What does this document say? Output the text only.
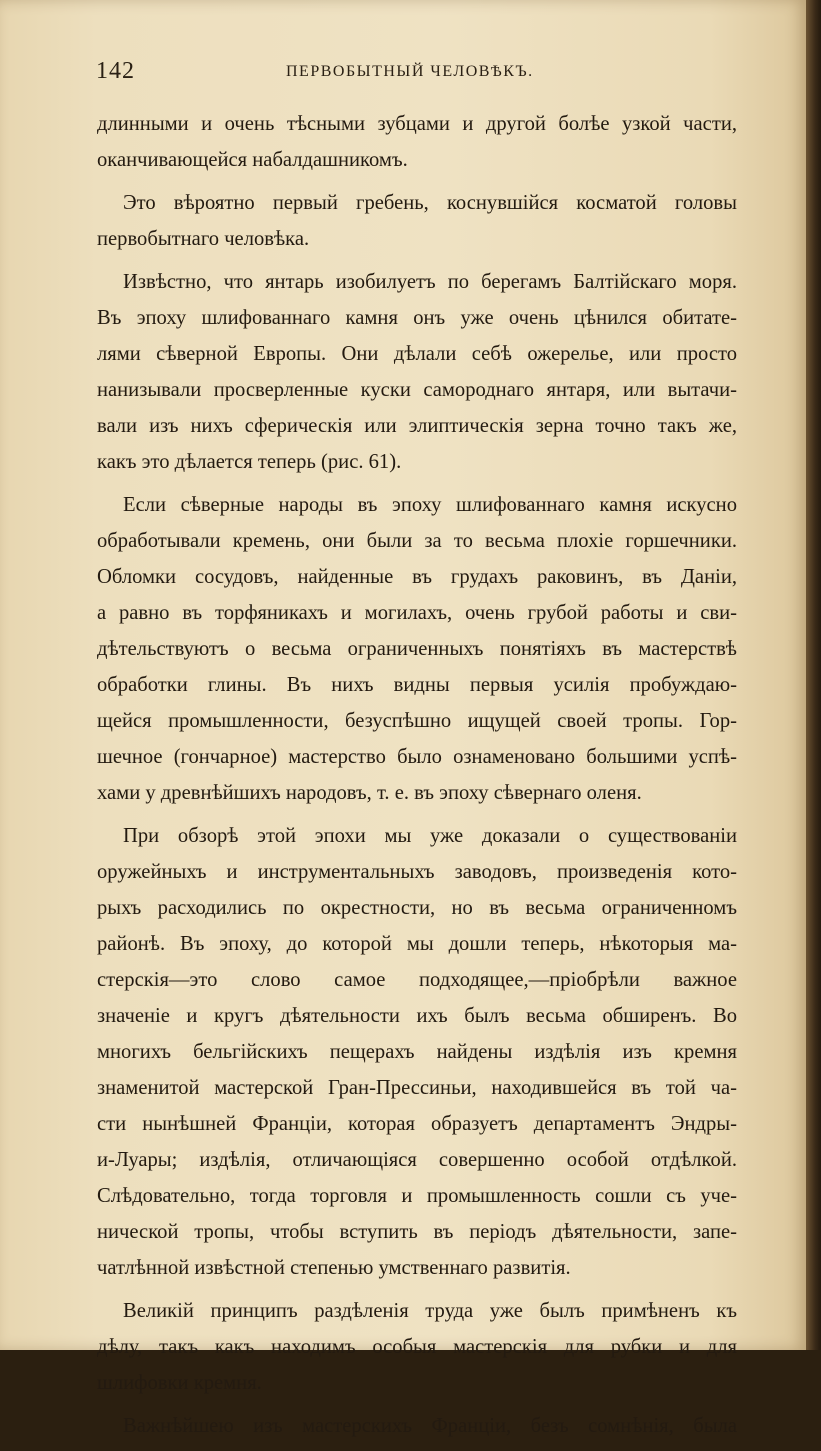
142	ПЕРВОБЫТНЫЙ ЧЕЛОВѢКЪ.
длинными и очень тѣсными зубцами и другой болѣе узкой части,
оканчивающейся набалдашникомъ.
Это вѣроятно первый гребень, коснувшійся косматой головы
первобытнаго человѣка.
Извѣстно, что янтарь изобилуетъ по берегамъ Балтійскаго моря.
Въ эпоху шлифованнаго камня онъ уже очень цѣнился обитате-
лями сѣверной Европы. Они дѣлали себѣ ожерелье, или просто
нанизывали просверленные куски самороднаго янтаря, или вытачи-
вали изъ нихъ сферическія или элиптическія зерна точно такъ же,
какъ это дѣлается теперь (рис. 61).
Если сѣверные народы въ эпоху шлифованнаго камня искусно
обработывали кремень, они были за то весьма плохіе горшечники.
Обломки сосудовъ, найденные въ грудахъ раковинъ, въ Даніи,
а равно въ торфяникахъ и могилахъ, очень грубой работы и сви-
дѣтельствуютъ о весьма ограниченныхъ понятіяхъ въ мастерствѣ
обработки глины. Въ нихъ видны первыя усилія пробуждаю-
щейся промышленности, безуспѣшно ищущей своей тропы. Гор-
шечное (гончарное) мастерство было ознаменовано большими успѣ-
хами у древнѣйшихъ народовъ, т. е. въ эпоху сѣвернаго оленя.
При обзорѣ этой эпохи мы уже доказали о существованіи
оружейныхъ и инструментальныхъ заводовъ, произведенія кото-
рыхъ расходились по окрестности, но въ весьма ограниченномъ
районѣ. Въ эпоху, до которой мы дошли теперь, нѣкоторыя ма-
стерскія—это слово самое подходящее,—пріобрѣли важное
значеніе и кругъ дѣятельности ихъ былъ весьма обширенъ. Во
многихъ бельгійскихъ пещерахъ найдены издѣлія изъ кремня
знаменитой мастерской Гран-Прессиньи, находившейся въ той ча-
сти нынѣшней Франціи, которая образуетъ департаментъ Эндры-
и-Луары; издѣлія, отличающіяся совершенно особой отдѣлкой.
Слѣдовательно, тогда торговля и промышленность сошли съ уче-
нической тропы, чтобы вступить въ періодъ дѣятельности, запе-
чатлѣнной извѣстной степенью умственнаго развитія.
Великій принципъ раздѣленія труда уже былъ примѣненъ къ
дѣлу, такъ какъ находимъ особыя мастерскія для рубки и для
шлифовки кремня.
Важнѣйшею изъ мастерскихъ Франціи, безъ сомнѣнія, была
